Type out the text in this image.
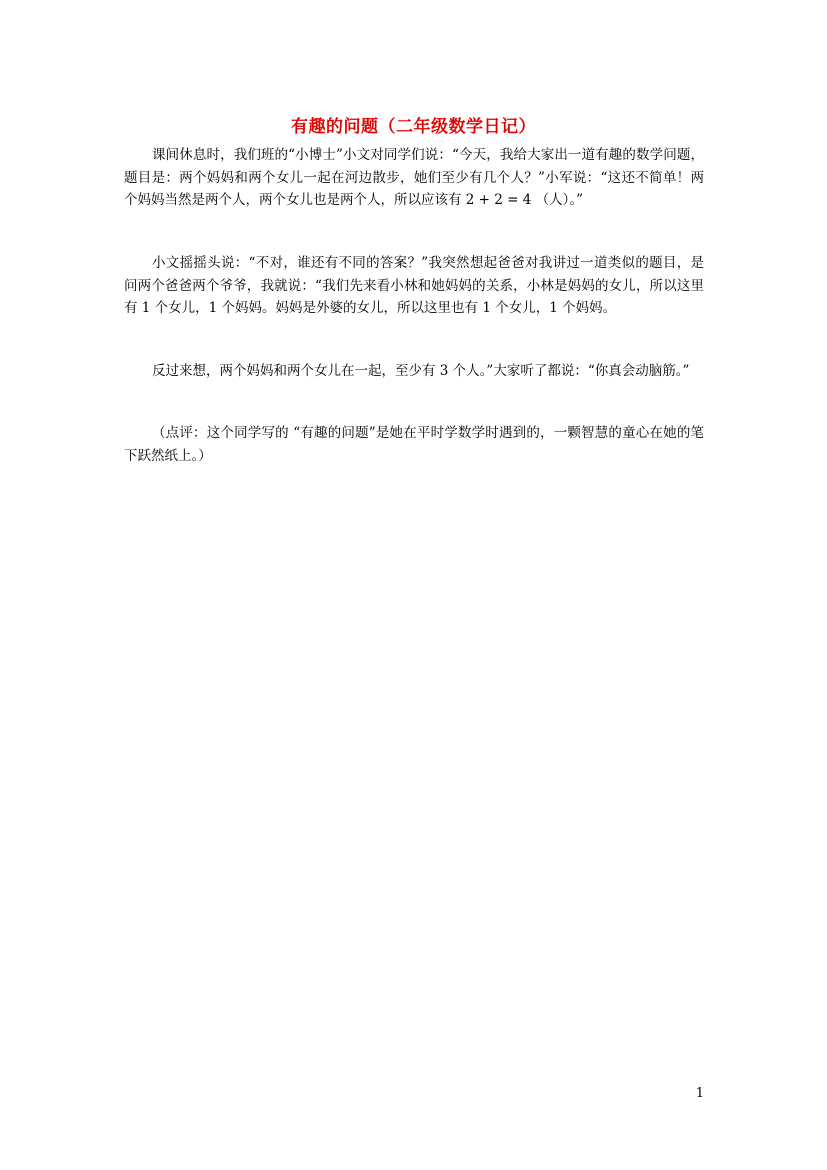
有趣的问题（二年级数学日记）

课间休息时，我们班的“小博士”小文对同学们说：“今天，我给大家出一道有趣的数学问题，题目是：两个妈妈和两个女儿一起在河边散步，她们至少有几个人？”小军说：“这还不简单！两个妈妈当然是两个人，两个女儿也是两个人，所以应该有 2 + 2 = 4 （人）。”

小文摇摇头说：“不对，谁还有不同的答案？”我突然想起爸爸对我讲过一道类似的题目，是问两个爸爸两个爷爷，我就说：“我们先来看小林和她妈妈的关系，小林是妈妈的女儿，所以这里有 1 个女儿，1 个妈妈。妈妈是外婆的女儿，所以这里也有 1 个女儿，1 个妈妈。

反过来想，两个妈妈和两个女儿在一起，至少有 3 个人。”大家听了都说：“你真会动脑筋。”

（点评：这个同学写的 “有趣的问题”是她在平时学数学时遇到的，一颗智慧的童心在她的笔下跃然纸上。）

1
